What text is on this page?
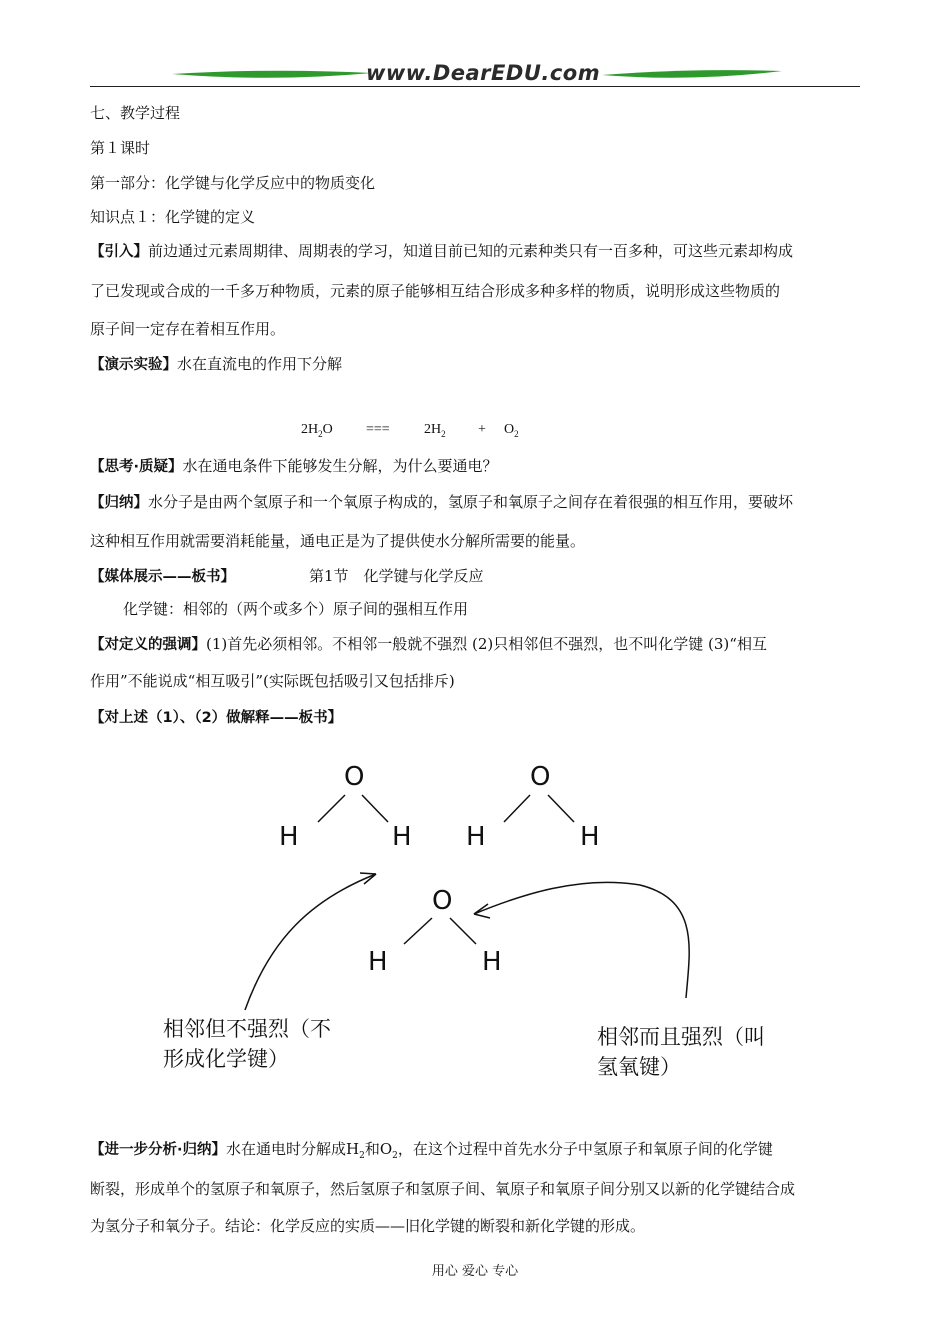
www.DearEDU.com
七、教学过程
第１课时
第一部分：化学键与化学反应中的物质变化
知识点１：化学键的定义
【引入】前边通过元素周期律、周期表的学习，知道目前已知的元素种类只有一百多种，可这些元素却构成
了已发现或合成的一千多万种物质，元素的原子能够相互结合形成多种多样的物质，说明形成这些物质的
原子间一定存在着相互作用。
【演示实验】水在直流电的作用下分解
$2H_2O$ === $2H_2 + O_2$
【思考·质疑】水在通电条件下能够发生分解，为什么要通电？
【归纳】水分子是由两个氢原子和一个氧原子构成的，氢原子和氧原子之间存在着很强的相互作用，要破坏
这种相互作用就需要消耗能量，通电正是为了提供使水分解所需要的能量。
【媒体展示——板书】	第1节　化学键与化学反应
化学键：相邻的（两个或多个）原子间的强相互作用
【对定义的强调】(1)首先必须相邻。不相邻一般就不强烈 (2)只相邻但不强烈，也不叫化学键 (3)“相互
作用”不能说成“相互吸引”(实际既包括吸引又包括排斥)
【对上述（1）、（2）做解释——板书】
O
H	H
O
H	H
O
H	H
相邻但不强烈（不
形成化学键）
相邻而且强烈（叫
氢氧键）
【进一步分析·归纳】水在通电时分解成$H_2$和$O_2$，在这个过程中首先水分子中氢原子和氧原子间的化学键
断裂，形成单个的氢原子和氧原子，然后氢原子和氢原子间、氧原子和氧原子间分别又以新的化学键结合成
为氢分子和氧分子。结论：化学反应的实质——旧化学键的断裂和新化学键的形成。
用心 爱心 专心
